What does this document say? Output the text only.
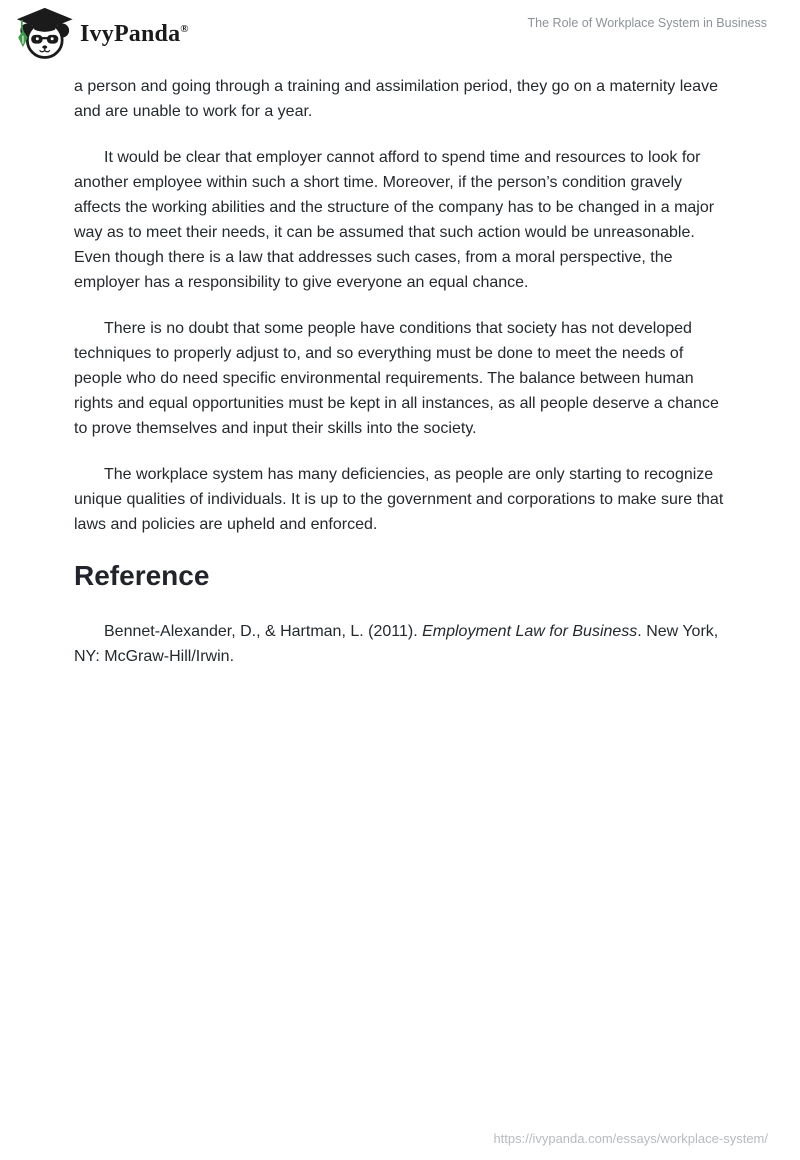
IvyPanda®	The Role of Workplace System in Business

a person and going through a training and assimilation period, they go on a maternity leave and are unable to work for a year.

It would be clear that employer cannot afford to spend time and resources to look for another employee within such a short time. Moreover, if the person’s condition gravely affects the working abilities and the structure of the company has to be changed in a major way as to meet their needs, it can be assumed that such action would be unreasonable. Even though there is a law that addresses such cases, from a moral perspective, the employer has a responsibility to give everyone an equal chance.

There is no doubt that some people have conditions that society has not developed techniques to properly adjust to, and so everything must be done to meet the needs of people who do need specific environmental requirements. The balance between human rights and equal opportunities must be kept in all instances, as all people deserve a chance to prove themselves and input their skills into the society.

The workplace system has many deficiencies, as people are only starting to recognize unique qualities of individuals. It is up to the government and corporations to make sure that laws and policies are upheld and enforced.

Reference

Bennet-Alexander, D., & Hartman, L. (2011). Employment Law for Business. New York, NY: McGraw-Hill/Irwin.

https://ivypanda.com/essays/workplace-system/
